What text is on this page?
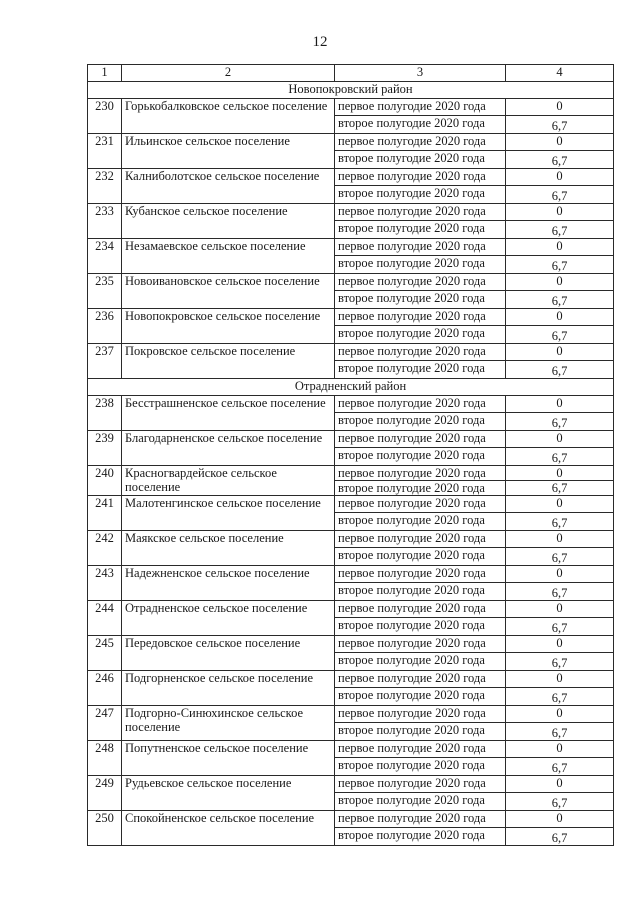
12
1	2	3	4
Новопокровский район			
230	Горькобалковское сельское поселение	первое полугодие 2020 года	0
		второе полугодие 2020 года	6,7
231	Ильинское сельское поселение	первое полугодие 2020 года	0
		второе полугодие 2020 года	6,7
232	Калниболотское сельское поселение	первое полугодие 2020 года	0
		второе полугодие 2020 года	6,7
233	Кубанское сельское поселение	первое полугодие 2020 года	0
		второе полугодие 2020 года	6,7
234	Незамаевское сельское поселение	первое полугодие 2020 года	0
		второе полугодие 2020 года	6,7
235	Новоивановское сельское поселение	первое полугодие 2020 года	0
		второе полугодие 2020 года	6,7
236	Новопокровское сельское поселение	первое полугодие 2020 года	0
		второе полугодие 2020 года	6,7
237	Покровское сельское поселение	первое полугодие 2020 года	0
		второе полугодие 2020 года	6,7
Отрадненский район			
238	Бесстрашненское сельское поселение	первое полугодие 2020 года	0
		второе полугодие 2020 года	6,7
239	Благодарненское сельское поселение	первое полугодие 2020 года	0
		второе полугодие 2020 года	6,7
240	Красногвардейское сельское поселение	первое полугодие 2020 года	0
		второе полугодие 2020 года	6,7
241	Малотенгинское сельское поселение	первое полугодие 2020 года	0
		второе полугодие 2020 года	6,7
242	Маякское сельское поселение	первое полугодие 2020 года	0
		второе полугодие 2020 года	6,7
243	Надежненское сельское поселение	первое полугодие 2020 года	0
		второе полугодие 2020 года	6,7
244	Отрадненское сельское поселение	первое полугодие 2020 года	0
		второе полугодие 2020 года	6,7
245	Передовское сельское поселение	первое полугодие 2020 года	0
		второе полугодие 2020 года	6,7
246	Подгорненское сельское поселение	первое полугодие 2020 года	0
		второе полугодие 2020 года	6,7
247	Подгорно-Синюхинское сельское поселение	первое полугодие 2020 года	0
		второе полугодие 2020 года	6,7
248	Попутненское сельское поселение	первое полугодие 2020 года	0
		второе полугодие 2020 года	6,7
249	Рудьевское сельское поселение	первое полугодие 2020 года	0
		второе полугодие 2020 года	6,7
250	Спокойненское сельское поселение	первое полугодие 2020 года	0
		второе полугодие 2020 года	6,7
